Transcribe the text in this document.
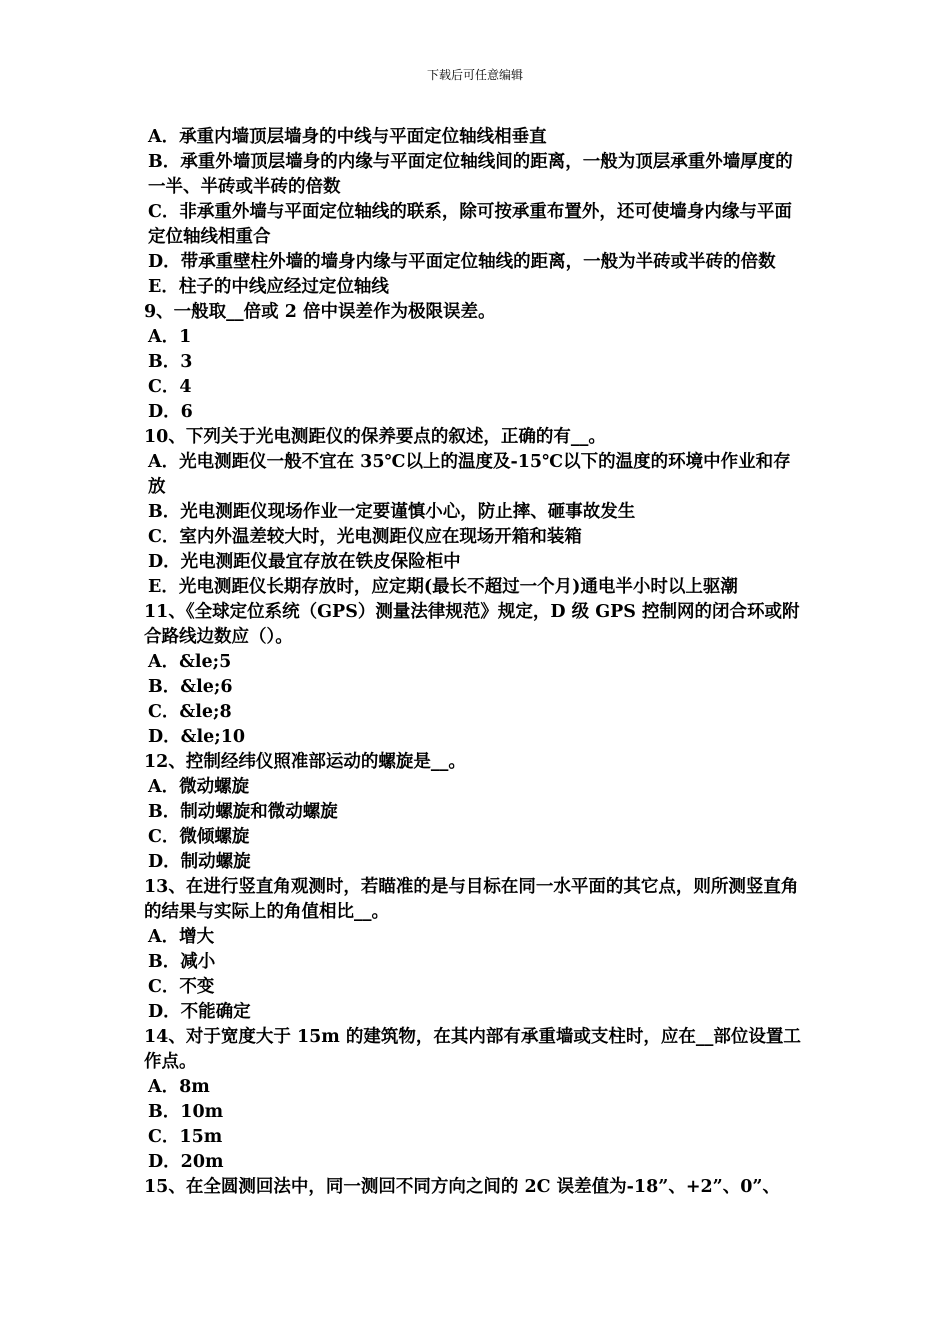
下载后可任意编辑
A．承重内墙顶层墙身的中线与平面定位轴线相垂直
B．承重外墙顶层墙身的内缘与平面定位轴线间的距离，一般为顶层承重外墙厚度的一半、半砖或半砖的倍数
C．非承重外墙与平面定位轴线的联系，除可按承重布置外，还可使墙身内缘与平面定位轴线相重合
D．带承重壁柱外墙的墙身内缘与平面定位轴线的距离，一般为半砖或半砖的倍数
E．柱子的中线应经过定位轴线
9、一般取__倍或 2 倍中误差作为极限误差。
A．1
B．3
C．4
D．6
10、下列关于光电测距仪的保养要点的叙述，正确的有__。
A．光电测距仪一般不宜在 35℃以上的温度及-15℃以下的温度的环境中作业和存放
B．光电测距仪现场作业一定要谨慎小心，防止摔、砸事故发生
C．室内外温差较大时，光电测距仪应在现场开箱和装箱
D．光电测距仪最宜存放在铁皮保险柜中
E．光电测距仪长期存放时，应定期(最长不超过一个月)通电半小时以上驱潮
11、《全球定位系统（GPS）测量法律规范》规定，D 级 GPS 控制网的闭合环或附合路线边数应（）。
A．&le;5
B．&le;6
C．&le;8
D．&le;10
12、控制经纬仪照准部运动的螺旋是__。
A．微动螺旋
B．制动螺旋和微动螺旋
C．微倾螺旋
D．制动螺旋
13、在进行竖直角观测时，若瞄准的是与目标在同一水平面的其它点，则所测竖直角的结果与实际上的角值相比__。
A．增大
B．减小
C．不变
D．不能确定
14、对于宽度大于 15m 的建筑物，在其内部有承重墙或支柱时，应在__部位设置工作点。
A．8m
B．10m
C．15m
D．20m
15、在全圆测回法中，同一测回不同方向之间的 2C 误差值为-18”、+2”、0”、
